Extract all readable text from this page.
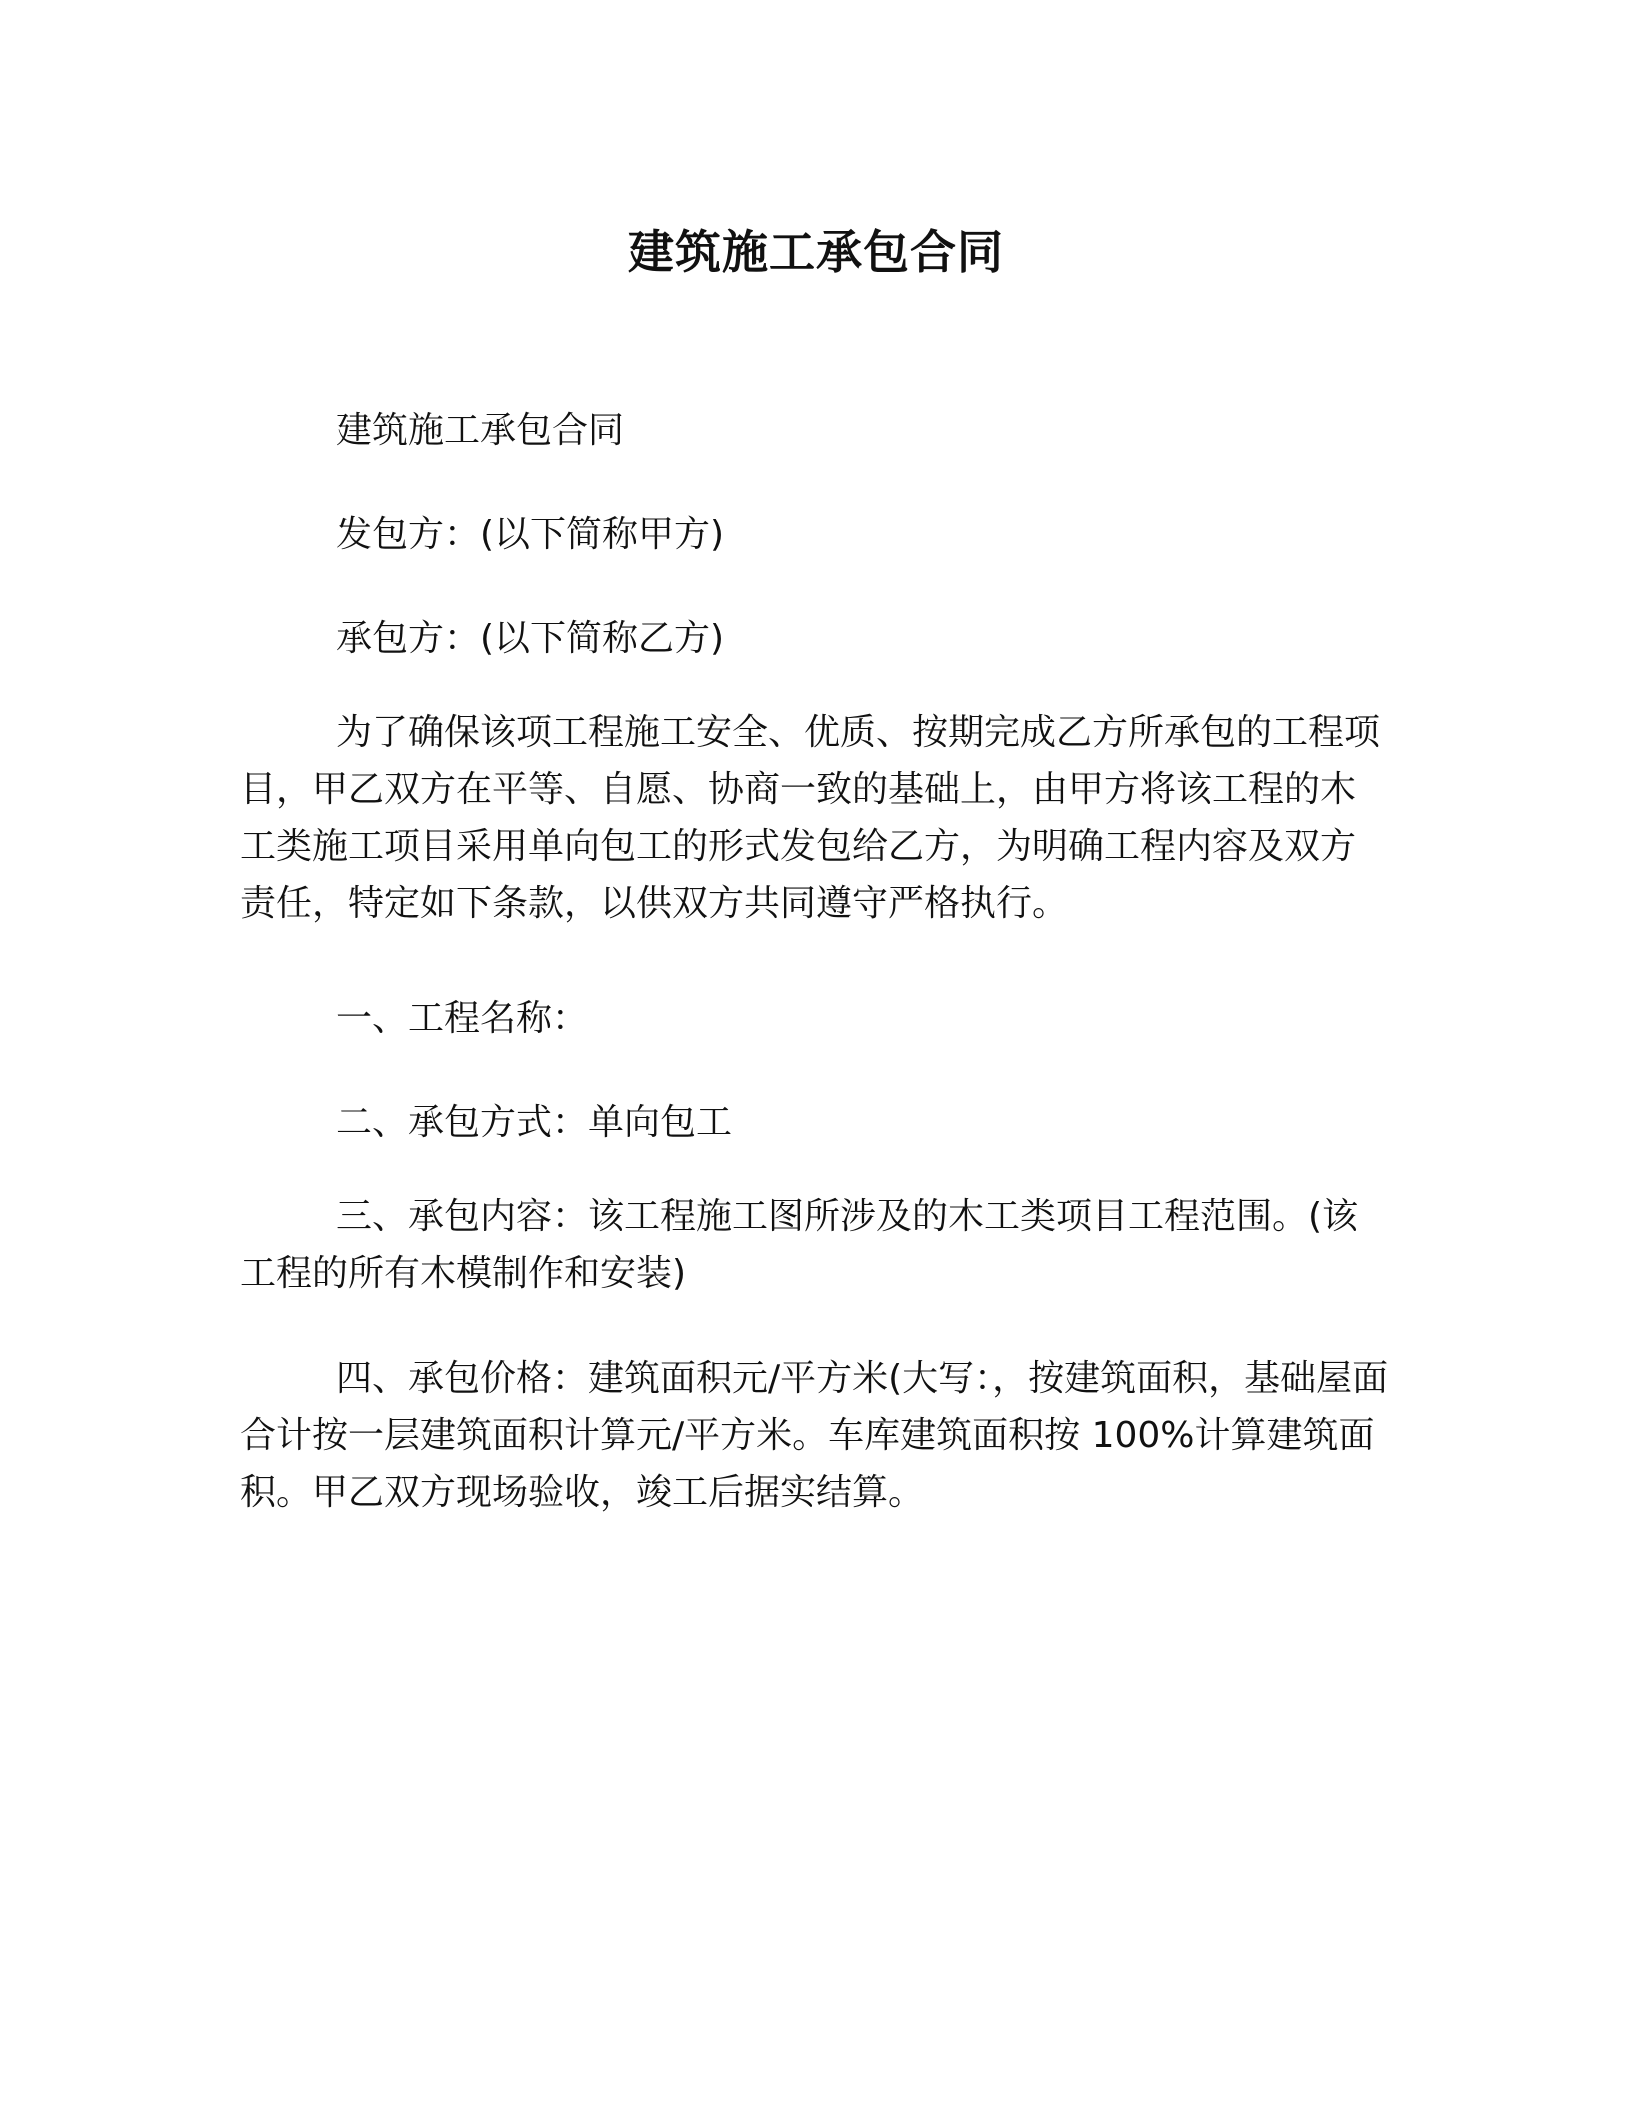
建筑施工承包合同

建筑施工承包合同

发包方：(以下简称甲方)

承包方：(以下简称乙方)

为了确保该项工程施工安全、优质、按期完成乙方所承包的工程项目，甲乙双方在平等、自愿、协商一致的基础上，由甲方将该工程的木工类施工项目采用单向包工的形式发包给乙方，为明确工程内容及双方责任，特定如下条款，以供双方共同遵守严格执行。

一、工程名称：

二、承包方式：单向包工

三、承包内容：该工程施工图所涉及的木工类项目工程范围。(该工程的所有木模制作和安装)

四、承包价格：建筑面积元/平方米(大写：，按建筑面积，基础屋面合计按一层建筑面积计算元/平方米。车库建筑面积按 100%计算建筑面积。甲乙双方现场验收，竣工后据实结算。
